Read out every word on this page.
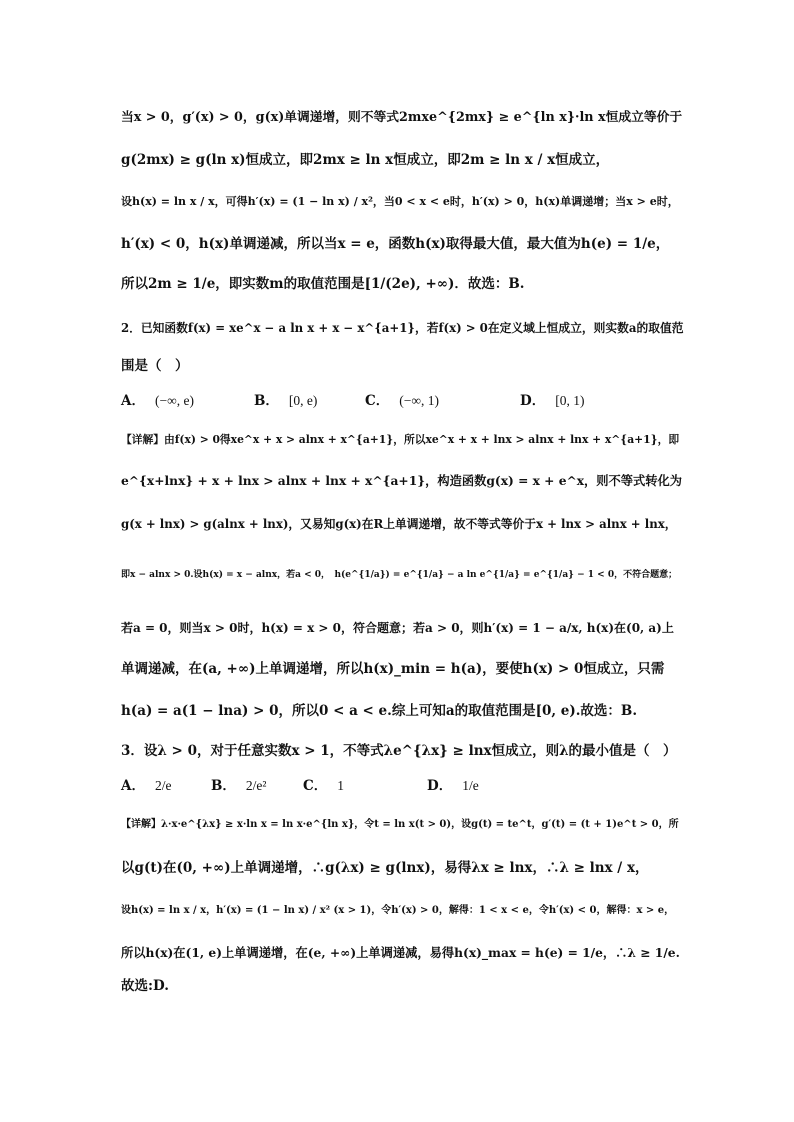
当x > 0，g′(x) > 0，g(x)单调递增，则不等式2mxe^{2mx} ≥ e^{ln x}·ln x恒成立等价于
g(2mx) ≥ g(ln x)恒成立，即2mx ≥ ln x恒成立，即2m ≥ ln x / x恒成立，
设h(x) = ln x / x，可得h′(x) = (1 − ln x) / x²，当0 < x < e时，h′(x) > 0，h(x)单调递增；当x > e时，
h′(x) < 0，h(x)单调递减，所以当x = e，函数h(x)取得最大值，最大值为h(e) = 1/e，
所以2m ≥ 1/e，即实数m的取值范围是[1/(2e), +∞)．故选：B.
2．已知函数f(x) = xe^x − a ln x + x − x^{a+1}，若f(x) > 0在定义域上恒成立，则实数a的取值范
围是（　）
A． (−∞, e)	B． [0, e)	C． (−∞, 1)	D． [0, 1)
【详解】由f(x) > 0得xe^x + x > alnx + x^{a+1}，所以xe^x + x + lnx > alnx + lnx + x^{a+1}，即
e^{x+lnx} + x + lnx > alnx + lnx + x^{a+1}，构造函数g(x) = x + e^x，则不等式转化为
g(x + lnx) > g(alnx + lnx)，又易知g(x)在R上单调递增，故不等式等价于x + lnx > alnx + lnx，
即x − alnx > 0.设h(x) = x − alnx，若a < 0，　h(e^{1/a}) = e^{1/a} − a ln e^{1/a} = e^{1/a} − 1 < 0，不符合题意；
若a = 0，则当x > 0时，h(x) = x > 0，符合题意；若a > 0，则h′(x) = 1 − a/x, h(x)在(0, a)上
单调递减，在(a, +∞)上单调递增，所以h(x)_min = h(a)，要使h(x) > 0恒成立，只需
h(a) = a(1 − lna) > 0，所以0 < a < e.综上可知a的取值范围是[0, e).故选：B.
3．设λ > 0，对于任意实数x > 1，不等式λe^{λx} ≥ lnx恒成立，则λ的最小值是（　）
A． 2/e	B． 2/e²	C． 1	D． 1/e
【详解】λ·x·e^{λx} ≥ x·ln x = ln x·e^{ln x}，令t = ln x(t > 0)，设g(t) = te^t，g′(t) = (t + 1)e^t > 0，所
以g(t)在(0, +∞)上单调递增，∴g(λx) ≥ g(lnx)，易得λx ≥ lnx，∴λ ≥ lnx / x，
设h(x) = ln x / x，h′(x) = (1 − ln x) / x² (x > 1)，令h′(x) > 0，解得：1 < x < e，令h′(x) < 0，解得：x > e，
所以h(x)在(1, e)上单调递增，在(e, +∞)上单调递减，易得h(x)_max = h(e) = 1/e，∴λ ≥ 1/e.
故选:D.
